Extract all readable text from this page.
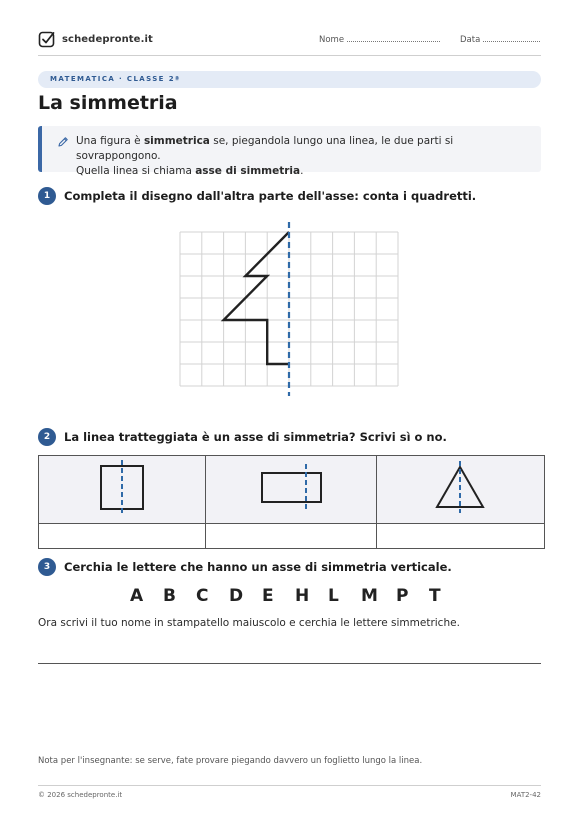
schedepronte.it	Nome	Data
MATEMATICA · CLASSE 2ª
La simmetria

Una figura è simmetrica se, piegandola lungo una linea, le due parti si sovrappongono.
Quella linea si chiama asse di simmetria.

1	Completa il disegno dall'altra parte dell'asse: conta i quadretti.
2	La linea tratteggiata è un asse di simmetria? Scrivi sì o no.

3	Cerchia le lettere che hanno un asse di simmetria verticale.
A B C D E H L M P T
Ora scrivi il tuo nome in stampatello maiuscolo e cerchia le lettere simmetriche.
Nota per l'insegnante: se serve, fate provare piegando davvero un foglietto lungo la linea.
© 2026 schedepronte.it	MAT2-42
